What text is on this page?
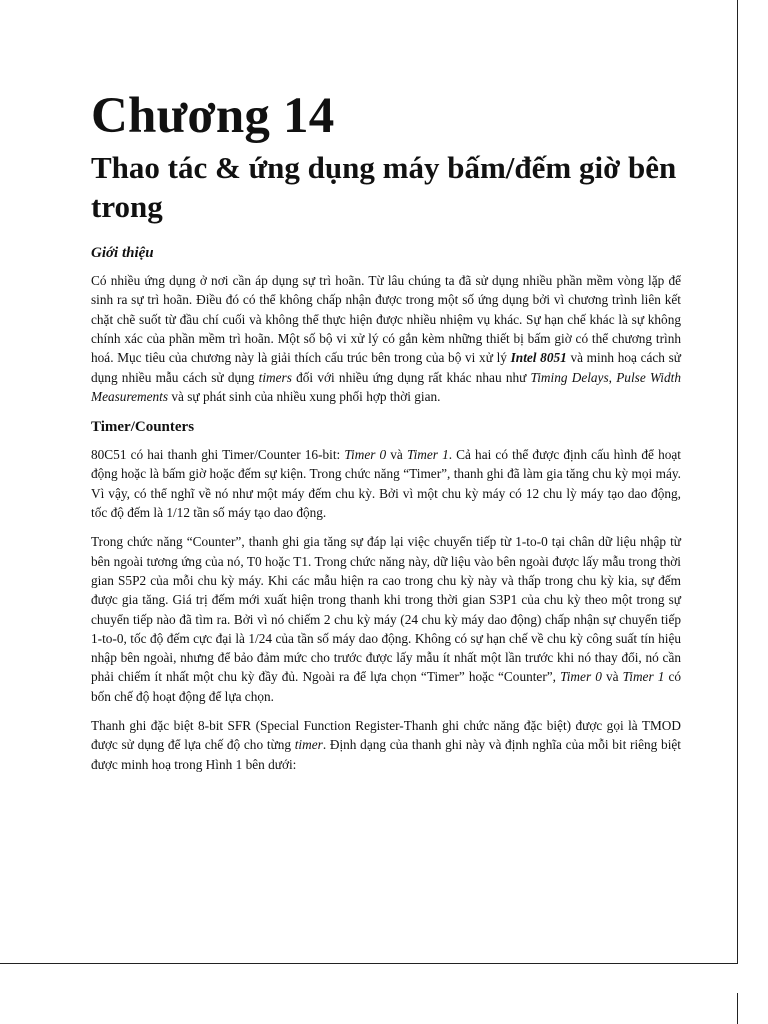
Chương 14
Thao tác & ứng dụng máy bấm/đếm giờ bên trong
Giới thiệu

Có nhiều ứng dụng ở nơi cần áp dụng sự trì hoãn. Từ lâu chúng ta đã sử dụng nhiều phần mềm vòng lặp để sinh ra sự trì hoãn. Điều đó có thể không chấp nhận được trong một số ứng dụng bởi vì chương trình liên kết chặt chẽ suốt từ đầu chí cuối và không thể thực hiện được nhiều nhiệm vụ khác. Sự hạn chế khác là sự không chính xác của phần mềm trì hoãn. Một số bộ vi xử lý có gắn kèm những thiết bị bấm giờ có thể chương trình hoá. Mục tiêu của chương này là giải thích cấu trúc bên trong của bộ vi xử lý Intel 8051 và minh hoạ cách sử dụng nhiều mẫu cách sử dụng timers đối với nhiều ứng dụng rất khác nhau như Timing Delays, Pulse Width Measurements và sự phát sinh của nhiều xung phối hợp thời gian.

Timer/Counters

80C51 có hai thanh ghi Timer/Counter 16-bit: Timer 0 và Timer 1. Cả hai có thể được định cấu hình để hoạt động hoặc là bấm giờ hoặc đếm sự kiện. Trong chức năng “Timer”, thanh ghi đã làm gia tăng chu kỳ mọi máy. Vì vậy, có thể nghĩ về nó như một máy đếm chu kỳ. Bởi vì một chu kỳ máy có 12 chu lỳ máy tạo dao động, tốc độ đếm là 1/12 tần số máy tạo dao động.

Trong chức năng “Counter”, thanh ghi gia tăng sự đáp lại việc chuyển tiếp từ 1-to-0 tại chân dữ liệu nhập từ bên ngoài tương ứng của nó, T0 hoặc T1. Trong chức năng này, dữ liệu vào bên ngoài được lấy mẫu trong thời gian S5P2 của mỗi chu kỳ máy. Khi các mẫu hiện ra cao trong chu kỳ này và thấp trong chu kỳ kia, sự đếm được gia tăng. Giá trị đếm mới xuất hiện trong thanh khi trong thời gian S3P1 của chu kỳ theo một trong sự chuyển tiếp nào đã tìm ra. Bởi vì nó chiếm 2 chu kỳ máy (24 chu kỳ máy dao động) chấp nhận sự chuyển tiếp 1-to-0, tốc độ đếm cực đại là 1/24 của tần số máy dao động. Không có sự hạn chế về chu kỳ công suất tín hiệu nhập bên ngoài, nhưng để bảo đảm mức cho trước được lấy mẫu ít nhất một lần trước khi nó thay đổi, nó cần phải chiếm ít nhất một chu kỳ đầy đủ. Ngoài ra để lựa chọn “Timer” hoặc “Counter”, Timer 0 và Timer 1 có bốn chế độ hoạt động để lựa chọn.

Thanh ghi đặc biệt 8-bit SFR (Special Function Register-Thanh ghi chức năng đặc biệt) được gọi là TMOD được sử dụng để lựa chế độ cho từng timer. Định dạng của thanh ghi này và định nghĩa của mỗi bit riêng biệt được minh hoạ trong Hình 1 bên dưới:
